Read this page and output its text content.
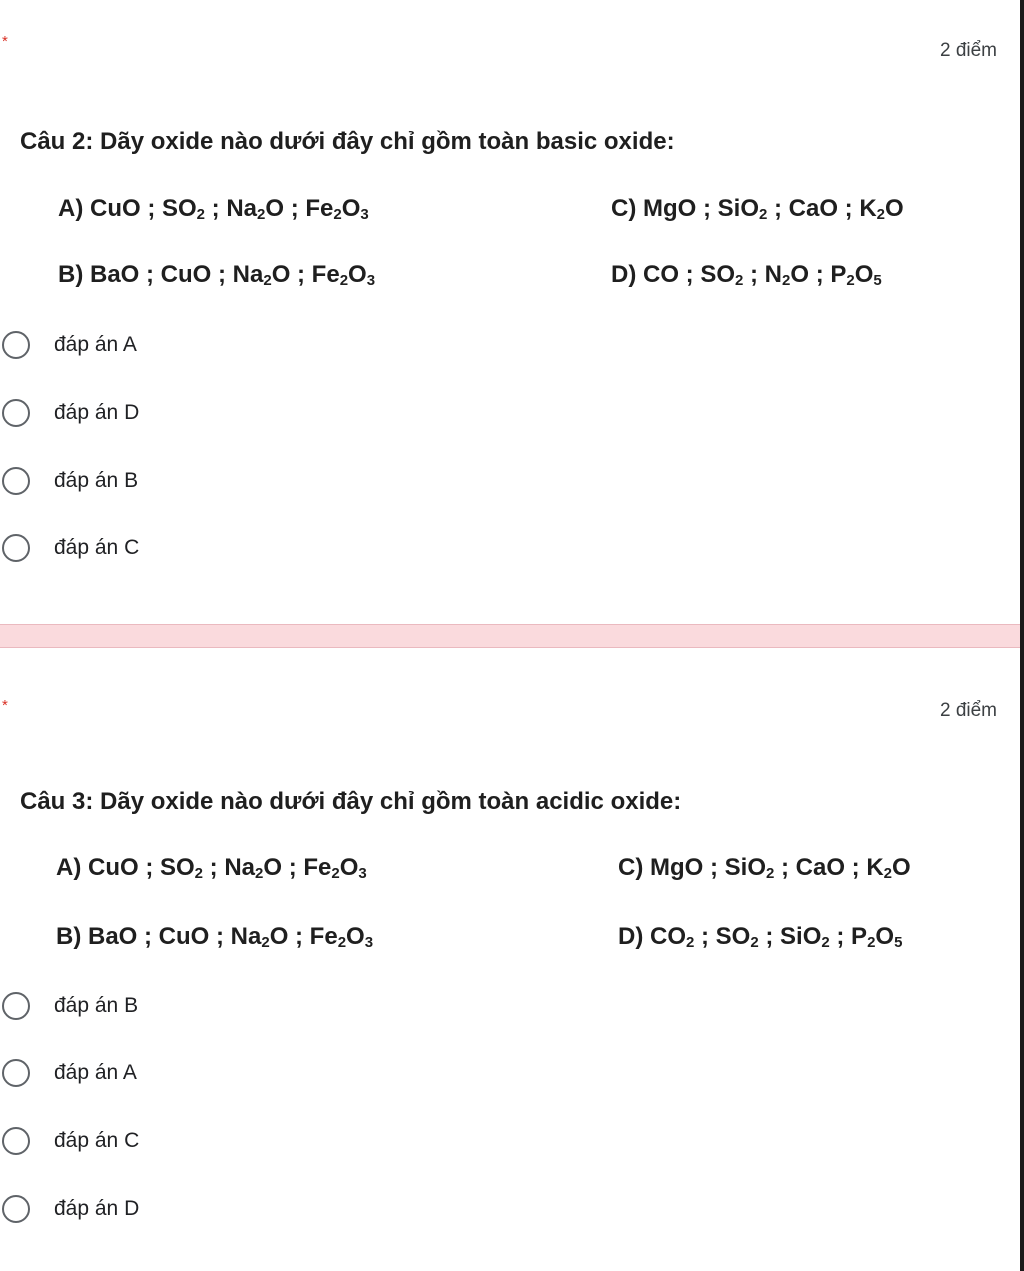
*	2 điểm
Câu 2: Dãy oxide nào dưới đây chỉ gồm toàn basic oxide:
A) CuO ; $SO_2$ ; $Na_2O$ ; $Fe_2O_3$	C) MgO ; SiO$_2$ ; CaO ; $K_2O$
B) BaO ; CuO ; $Na_2O$ ; $Fe_2O_3$	D) CO ; $SO_2$ ; $N_2O$ ; $P_2O_5$
đáp án A
đáp án D
đáp án B
đáp án C
*	2 điểm
Câu 3: Dãy oxide nào dưới đây chỉ gồm toàn acidic oxide:
A) CuO ; $SO_2$ ; $Na_2O$ ; $Fe_2O_3$	C) MgO ; SiO$_2$ ; CaO ; $K_2O$
B) BaO ; CuO ; $Na_2O$ ; $Fe_2O_3$	D) $CO_2$ ; $SO_2$ ; SiO$_2$ ; $P_2O_5$
đáp án B
đáp án A
đáp án C
đáp án D
